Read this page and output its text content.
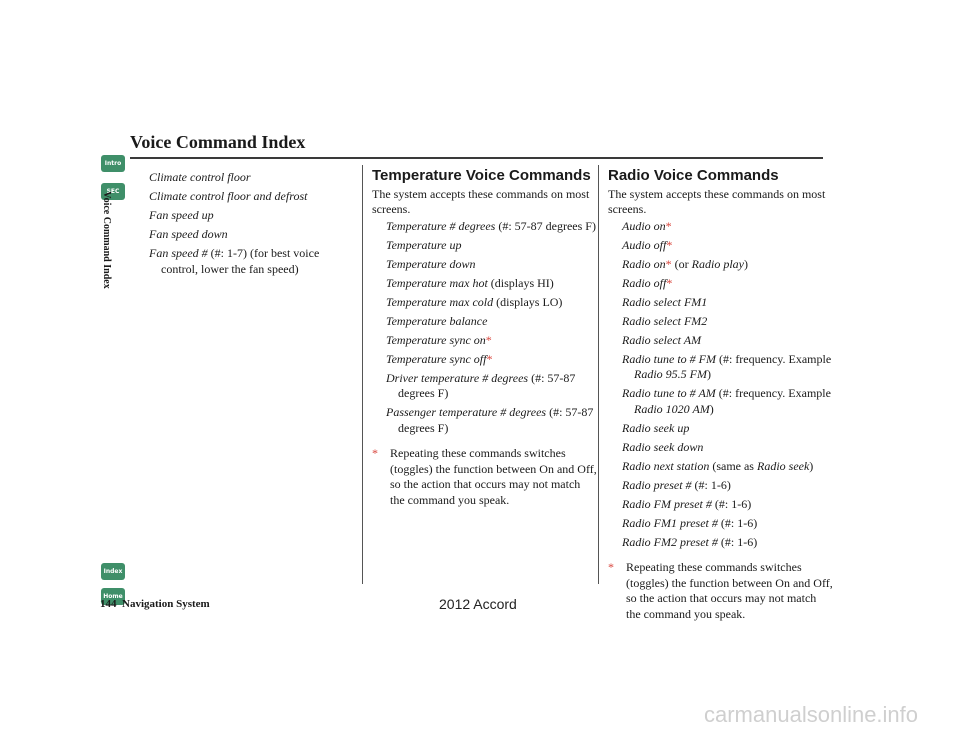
Voice Command Index
Intro
SEC
Index
Home
Voice Command Index
Climate control floor
Climate control floor and defrost
Fan speed up
Fan speed down
Fan speed # (#: 1-7) (for best voice control, lower the fan speed)
Temperature Voice Commands
The system accepts these commands on most screens.
Temperature # degrees (#: 57-87 degrees F)
Temperature up
Temperature down
Temperature max hot (displays HI)
Temperature max cold (displays LO)
Temperature balance
Temperature sync on*
Temperature sync off*
Driver temperature # degrees (#: 57-87 degrees F)
Passenger temperature # degrees (#: 57-87 degrees F)
* Repeating these commands switches (toggles) the function between On and Off, so the action that occurs may not match the command you speak.
Radio Voice Commands
The system accepts these commands on most screens.
Audio on*
Audio off*
Radio on* (or Radio play)
Radio off*
Radio select FM1
Radio select FM2
Radio select AM
Radio tune to # FM (#: frequency. Example Radio 95.5 FM)
Radio tune to # AM (#: frequency. Example Radio 1020 AM)
Radio seek up
Radio seek down
Radio next station (same as Radio seek)
Radio preset # (#: 1-6)
Radio FM preset # (#: 1-6)
Radio FM1 preset # (#: 1-6)
Radio FM2 preset # (#: 1-6)
* Repeating these commands switches (toggles) the function between On and Off, so the action that occurs may not match the command you speak.
144 Navigation System	2012 Accord
carmanualsonline.info
